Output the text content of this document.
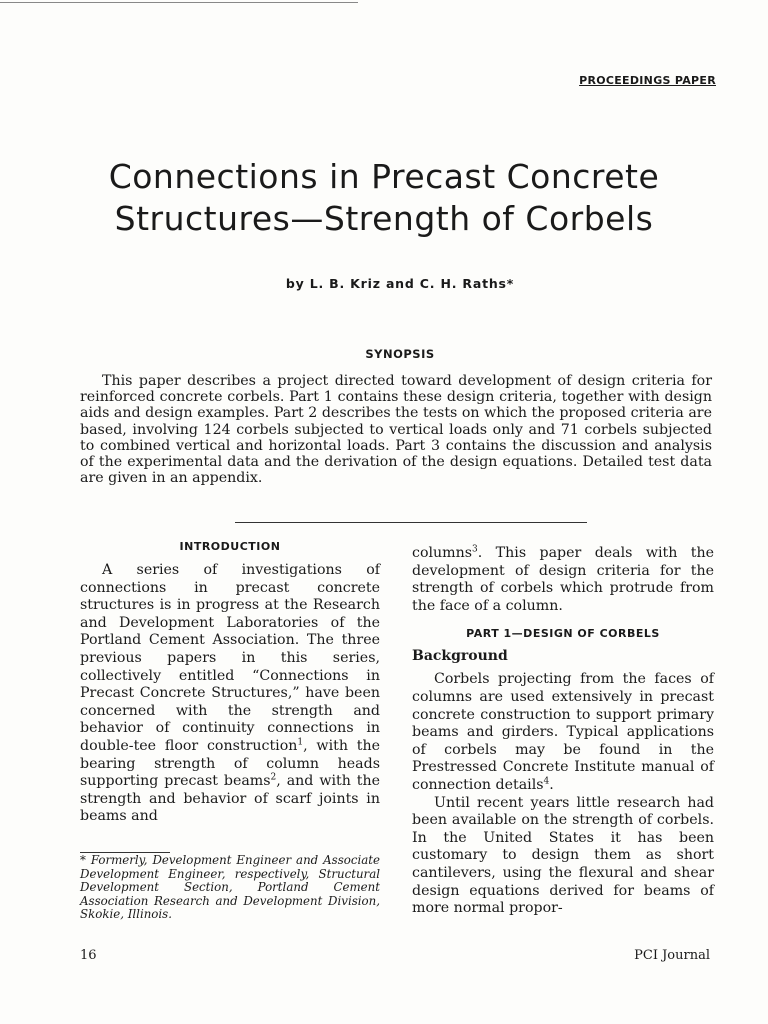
PROCEEDINGS PAPER
Connections in Precast Concrete
Structures—Strength of Corbels
by L. B. Kriz and C. H. Raths*
SYNOPSIS

This paper describes a project directed toward development of design criteria for reinforced concrete corbels. Part 1 contains these design criteria, together with design aids and design examples. Part 2 describes the tests on which the proposed criteria are based, involving 124 corbels subjected to vertical loads only and 71 corbels subjected to combined vertical and horizontal loads. Part 3 contains the discussion and analysis of the experimental data and the derivation of the design equations. Detailed test data are given in an appendix.

INTRODUCTION

A series of investigations of connections in precast concrete structures is in progress at the Research and Development Laboratories of the Portland Cement Association. The three previous papers in this series, collectively entitled “Connections in Precast Concrete Structures,” have been concerned with the strength and behavior of continuity connections in double-tee floor construction$^1$, with the bearing strength of column heads supporting precast beams$^2$, and with the strength and behavior of scarf joints in beams and

columns$^3$. This paper deals with the development of design criteria for the strength of corbels which protrude from the face of a column.

PART 1—DESIGN OF CORBELS
Background

Corbels projecting from the faces of columns are used extensively in precast concrete construction to support primary beams and girders. Typical applications of corbels may be found in the Prestressed Concrete Institute manual of connection details$^4$.

Until recent years little research had been available on the strength of corbels. In the United States it has been customary to design them as short cantilevers, using the flexural and shear design equations derived for beams of more normal propor-

* Formerly, Development Engineer and Associate Development Engineer, respectively, Structural Development Section, Portland Cement Association Research and Development Division, Skokie, Illinois.

16	PCI Journal
